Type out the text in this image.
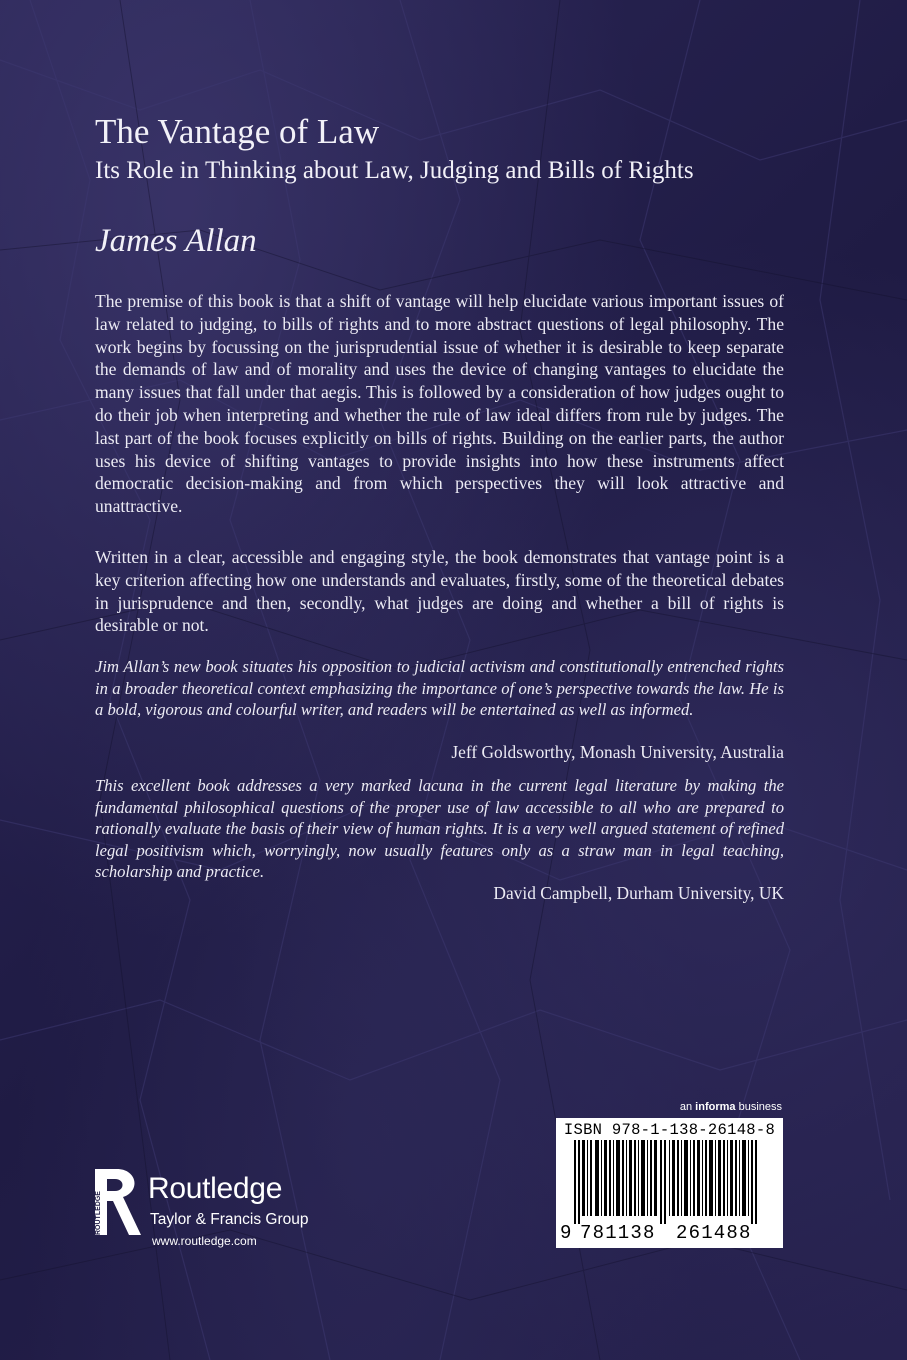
The Vantage of Law
Its Role in Thinking about Law, Judging and Bills of Rights
James Allan

The premise of this book is that a shift of vantage will help elucidate various important issues of law related to judging, to bills of rights and to more abstract questions of legal philosophy. The work begins by focussing on the jurisprudential issue of whether it is desirable to keep separate the demands of law and of morality and uses the device of changing vantages to elucidate the many issues that fall under that aegis. This is followed by a consideration of how judges ought to do their job when interpreting and whether the rule of law ideal differs from rule by judges. The last part of the book focuses explicitly on bills of rights. Building on the earlier parts, the author uses his device of shifting vantages to provide insights into how these instruments affect democratic decision-making and from which perspectives they will look attractive and unattractive.

Written in a clear, accessible and engaging style, the book demonstrates that vantage point is a key criterion affecting how one understands and evaluates, firstly, some of the theoretical debates in jurisprudence and then, secondly, what judges are doing and whether a bill of rights is desirable or not.

Jim Allan’s new book situates his opposition to judicial activism and constitutionally entrenched rights in a broader theoretical context emphasizing the importance of one’s perspective towards the law. He is a bold, vigorous and colourful writer, and readers will be entertained as well as informed.

Jeff Goldsworthy, Monash University, Australia

This excellent book addresses a very marked lacuna in the current legal literature by making the fundamental philosophical questions of the proper use of law accessible to all who are prepared to rationally evaluate the basis of their view of human rights. It is a very well argued statement of refined legal positivism which, worryingly, now usually features only as a straw man in legal teaching, scholarship and practice.

David Campbell, Durham University, UK

an informa business
ISBN 978-1-138-26148-8
9 781138 261488
ROUTLEDGE
Routledge
Taylor & Francis Group
www.routledge.com
